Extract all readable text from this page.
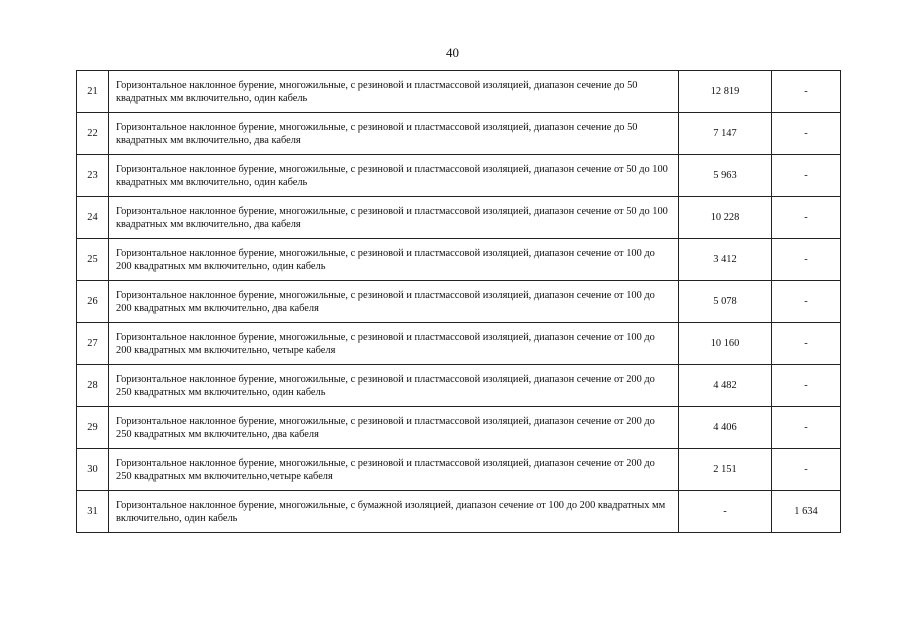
40
21	Горизонтальное наклонное бурение, многожильные, с резиновой и пластмассовой изоляцией, диапазон сечение до 50 квадратных мм включительно, один кабель	12 819	-
22	Горизонтальное наклонное бурение, многожильные, с резиновой и пластмассовой изоляцией, диапазон сечение до 50 квадратных мм включительно, два кабеля	7 147	-
23	Горизонтальное наклонное бурение, многожильные, с резиновой и пластмассовой изоляцией, диапазон сечение от 50 до 100 квадратных мм включительно, один кабель	5 963	-
24	Горизонтальное наклонное бурение, многожильные, с резиновой и пластмассовой изоляцией, диапазон сечение от 50 до 100 квадратных мм включительно, два кабеля	10 228	-
25	Горизонтальное наклонное бурение, многожильные, с резиновой и пластмассовой изоляцией, диапазон сечение от 100 до 200 квадратных мм включительно, один кабель	3 412	-
26	Горизонтальное наклонное бурение, многожильные, с резиновой и пластмассовой изоляцией, диапазон сечение от 100 до 200 квадратных мм включительно, два кабеля	5 078	-
27	Горизонтальное наклонное бурение, многожильные, с резиновой и пластмассовой изоляцией, диапазон сечение от 100 до 200 квадратных мм включительно, четыре кабеля	10 160	-
28	Горизонтальное наклонное бурение, многожильные, с резиновой и пластмассовой изоляцией, диапазон сечение от 200 до 250 квадратных мм включительно, один кабель	4 482	-
29	Горизонтальное наклонное бурение, многожильные, с резиновой и пластмассовой изоляцией, диапазон сечение от 200 до 250 квадратных мм включительно, два кабеля	4 406	-
30	Горизонтальное наклонное бурение, многожильные, с резиновой и пластмассовой изоляцией, диапазон сечение от 200 до 250 квадратных мм включительно,четыре кабеля	2 151	-
31	Горизонтальное наклонное бурение, многожильные, с бумажной изоляцией, диапазон сечение от 100 до 200 квадратных мм включительно, один кабель	-	1 634
